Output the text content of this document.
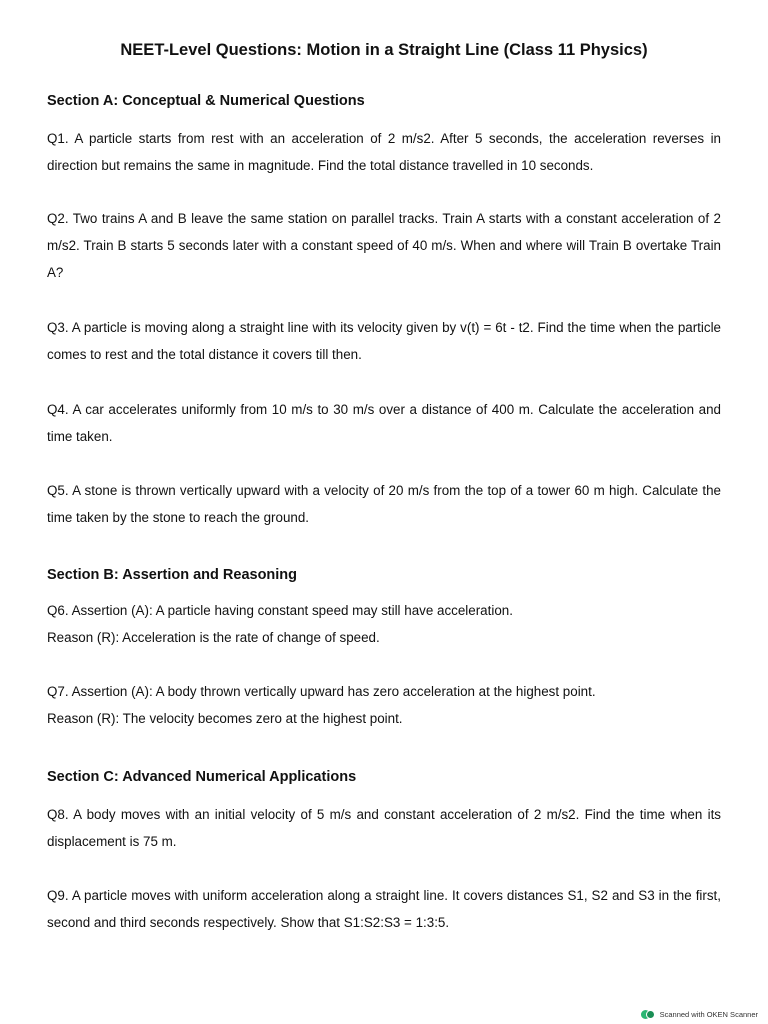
NEET-Level Questions: Motion in a Straight Line (Class 11 Physics)
Section A: Conceptual & Numerical Questions
Q1. A particle starts from rest with an acceleration of 2 m/s2. After 5 seconds, the acceleration reverses in direction but remains the same in magnitude. Find the total distance travelled in 10 seconds.
Q2. Two trains A and B leave the same station on parallel tracks. Train A starts with a constant acceleration of 2 m/s2. Train B starts 5 seconds later with a constant speed of 40 m/s. When and where will Train B overtake Train A?
Q3. A particle is moving along a straight line with its velocity given by v(t) = 6t - t2. Find the time when the particle comes to rest and the total distance it covers till then.
Q4. A car accelerates uniformly from 10 m/s to 30 m/s over a distance of 400 m. Calculate the acceleration and time taken.
Q5. A stone is thrown vertically upward with a velocity of 20 m/s from the top of a tower 60 m high. Calculate the time taken by the stone to reach the ground.
Section B: Assertion and Reasoning
Q6. Assertion (A): A particle having constant speed may still have acceleration.
Reason (R): Acceleration is the rate of change of speed.
Q7. Assertion (A): A body thrown vertically upward has zero acceleration at the highest point.
Reason (R): The velocity becomes zero at the highest point.
Section C: Advanced Numerical Applications
Q8. A body moves with an initial velocity of 5 m/s and constant acceleration of 2 m/s2. Find the time when its displacement is 75 m.
Q9. A particle moves with uniform acceleration along a straight line. It covers distances S1, S2 and S3 in the first, second and third seconds respectively. Show that S1:S2:S3 = 1:3:5.
Scanned with OKEN Scanner
